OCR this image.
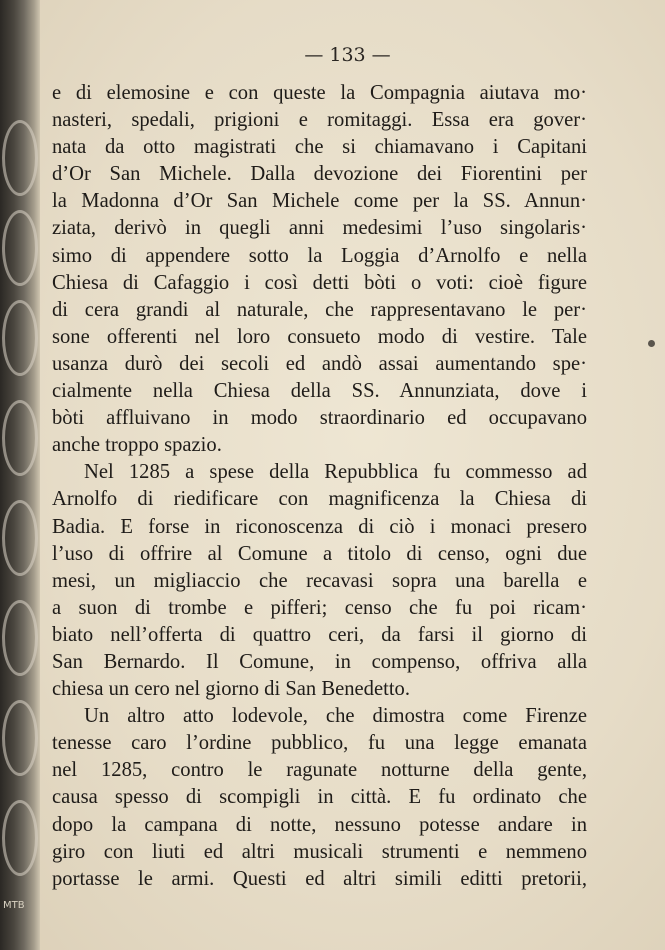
MTB
— 133 —
e di elemosine e con queste la Compagnia aiutava mo·
nasteri, spedali, prigioni e romitaggi. Essa era gover·
nata da otto magistrati che si chiamavano i Capitani
d’Or San Michele. Dalla devozione dei Fiorentini per
la Madonna d’Or San Michele come per la SS. Annun·
ziata, derivò in quegli anni medesimi l’uso singolaris·
simo di appendere sotto la Loggia d’Arnolfo e nella
Chiesa di Cafaggio i così detti bòti o voti: cioè figure
di cera grandi al naturale, che rappresentavano le per·
sone offerenti nel loro consueto modo di vestire. Tale
usanza durò dei secoli ed andò assai aumentando spe·
cialmente nella Chiesa della SS. Annunziata, dove i
bòti affluivano in modo straordinario ed occupavano
anche troppo spazio.
Nel 1285 a spese della Repubblica fu commesso ad
Arnolfo di riedificare con magnificenza la Chiesa di
Badia. E forse in riconoscenza di ciò i monaci presero
l’uso di offrire al Comune a titolo di censo, ogni due
mesi, un migliaccio che recavasi sopra una barella e
a suon di trombe e pifferi; censo che fu poi ricam·
biato nell’offerta di quattro ceri, da farsi il giorno di
San Bernardo. Il Comune, in compenso, offriva alla
chiesa un cero nel giorno di San Benedetto.
Un altro atto lodevole, che dimostra come Firenze
tenesse caro l’ordine pubblico, fu una legge emanata
nel 1285, contro le ragunate notturne della gente,
causa spesso di scompigli in città. E fu ordinato che
dopo la campana di notte, nessuno potesse andare in
giro con liuti ed altri musicali strumenti e nemmeno
portasse le armi. Questi ed altri simili editti pretorii,
